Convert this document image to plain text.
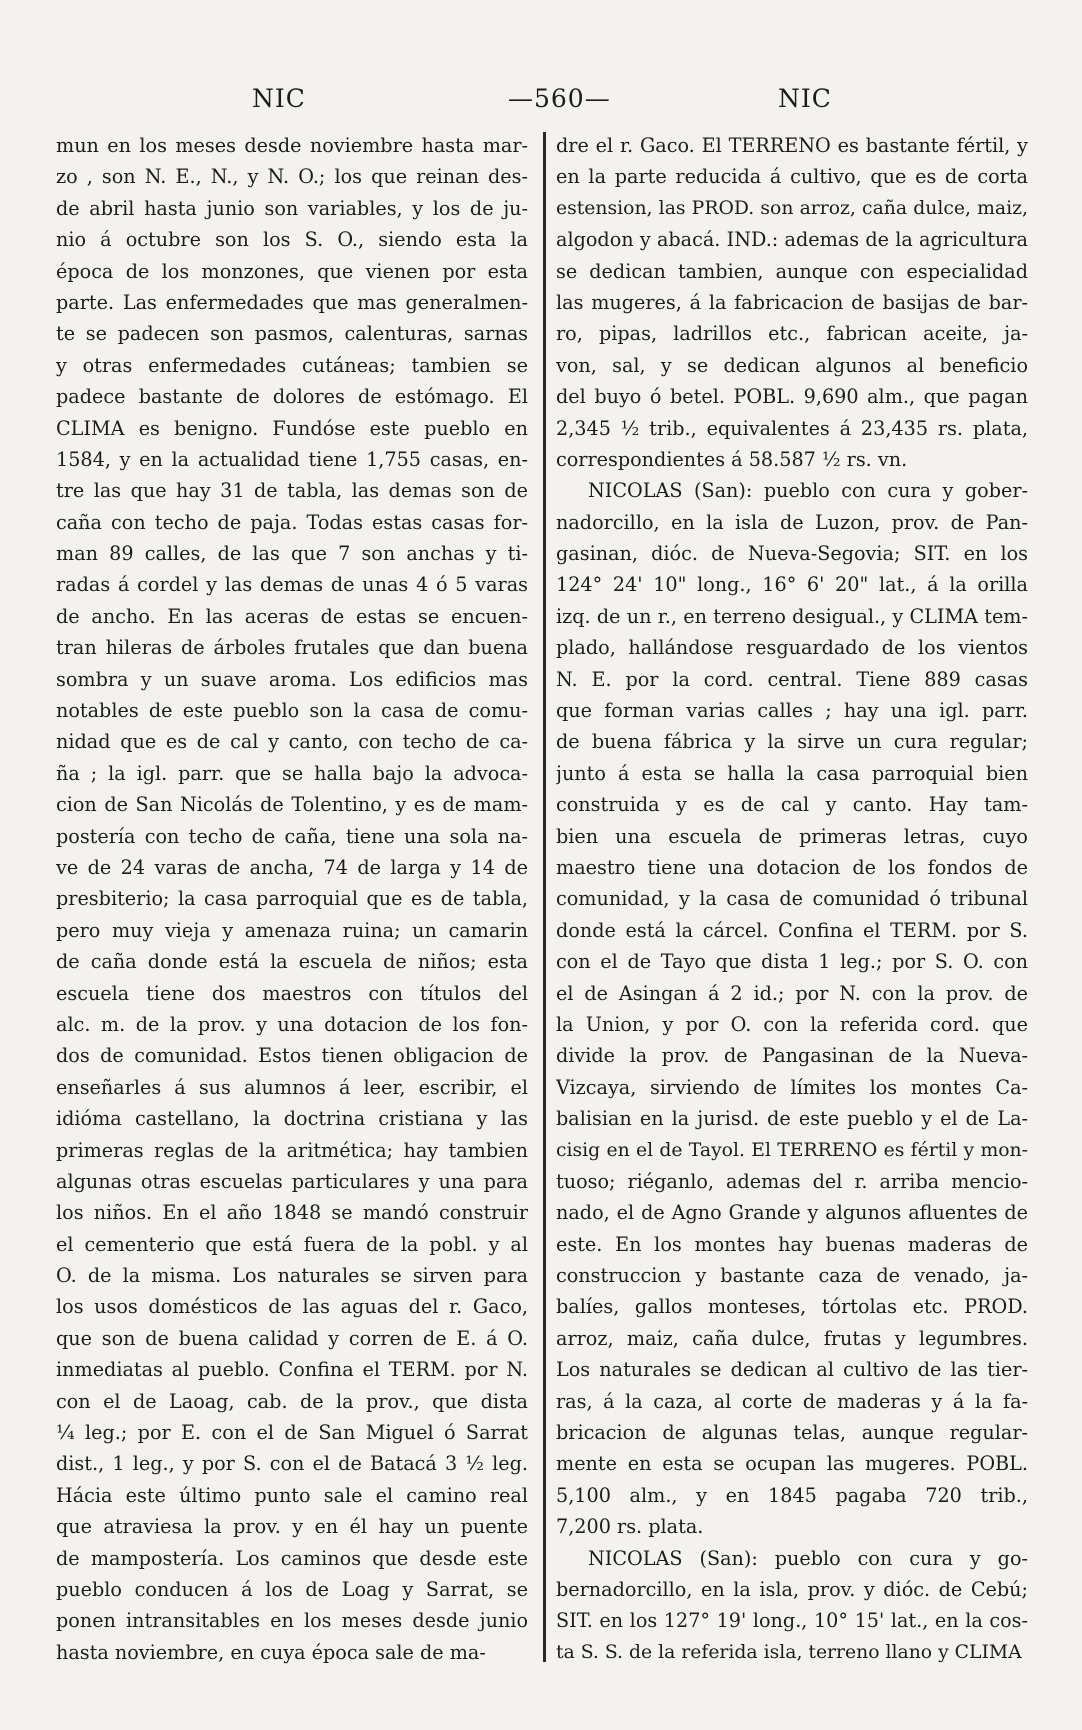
NIC	—560—	NIC
mun en los meses desde noviembre hasta mar-
zo , son N. E., N., y N. O.; los que reinan des-
de abril hasta junio son variables, y los de ju-
nio á octubre son los S. O., siendo esta la
época de los monzones, que vienen por esta
parte. Las enfermedades que mas generalmen-
te se padecen son pasmos, calenturas, sarnas
y otras enfermedades cutáneas; tambien se
padece bastante de dolores de estómago. El
CLIMA es benigno. Fundóse este pueblo en
1584, y en la actualidad tiene 1,755 casas, en-
tre las que hay 31 de tabla, las demas son de
caña con techo de paja. Todas estas casas for-
man 89 calles, de las que 7 son anchas y ti-
radas á cordel y las demas de unas 4 ó 5 varas
de ancho. En las aceras de estas se encuen-
tran hileras de árboles frutales que dan buena
sombra y un suave aroma. Los edificios mas
notables de este pueblo son la casa de comu-
nidad que es de cal y canto, con techo de ca-
ña ; la igl. parr. que se halla bajo la advoca-
cion de San Nicolás de Tolentino, y es de mam-
postería con techo de caña, tiene una sola na-
ve de 24 varas de ancha, 74 de larga y 14 de
presbiterio; la casa parroquial que es de tabla,
pero muy vieja y amenaza ruina; un camarin
de caña donde está la escuela de niños; esta
escuela tiene dos maestros con títulos del
alc. m. de la prov. y una dotacion de los fon-
dos de comunidad. Estos tienen obligacion de
enseñarles á sus alumnos á leer, escribir, el
idióma castellano, la doctrina cristiana y las
primeras reglas de la aritmética; hay tambien
algunas otras escuelas particulares y una para
los niños. En el año 1848 se mandó construir
el cementerio que está fuera de la pobl. y al
O. de la misma. Los naturales se sirven para
los usos domésticos de las aguas del r. Gaco,
que son de buena calidad y corren de E. á O.
inmediatas al pueblo. Confina el TERM. por N.
con el de Laoag, cab. de la prov., que dista
¼ leg.; por E. con el de San Miguel ó Sarrat
dist., 1 leg., y por S. con el de Batacá 3 ½ leg.
Hácia este último punto sale el camino real
que atraviesa la prov. y en él hay un puente
de mampostería. Los caminos que desde este
pueblo conducen á los de Loag y Sarrat, se
ponen intransitables en los meses desde junio
hasta noviembre, en cuya época sale de ma-
dre el r. Gaco. El TERRENO es bastante fértil, y
en la parte reducida á cultivo, que es de corta
estension, las PROD. son arroz, caña dulce, maiz,
algodon y abacá. IND.: ademas de la agricultura
se dedican tambien, aunque con especialidad
las mugeres, á la fabricacion de basijas de bar-
ro, pipas, ladrillos etc., fabrican aceite, ja-
von, sal, y se dedican algunos al beneficio
del buyo ó betel. POBL. 9,690 alm., que pagan
2,345 ½ trib., equivalentes á 23,435 rs. plata,
correspondientes á 58.587 ½ rs. vn.
NICOLAS (San): pueblo con cura y gober-
nadorcillo, en la isla de Luzon, prov. de Pan-
gasinan, dióc. de Nueva-Segovia; SIT. en los
124° 24' 10" long., 16° 6' 20" lat., á la orilla
izq. de un r., en terreno desigual., y CLIMA tem-
plado, hallándose resguardado de los vientos
N. E. por la cord. central. Tiene 889 casas
que forman varias calles ; hay una igl. parr.
de buena fábrica y la sirve un cura regular;
junto á esta se halla la casa parroquial bien
construida y es de cal y canto. Hay tam-
bien una escuela de primeras letras, cuyo
maestro tiene una dotacion de los fondos de
comunidad, y la casa de comunidad ó tribunal
donde está la cárcel. Confina el TERM. por S.
con el de Tayo que dista 1 leg.; por S. O. con
el de Asingan á 2 id.; por N. con la prov. de
la Union, y por O. con la referida cord. que
divide la prov. de Pangasinan de la Nueva-
Vizcaya, sirviendo de límites los montes Ca-
balisian en la jurisd. de este pueblo y el de La-
cisig en el de Tayol. El TERRENO es fértil y mon-
tuoso; riéganlo, ademas del r. arriba mencio-
nado, el de Agno Grande y algunos afluentes de
este. En los montes hay buenas maderas de
construccion y bastante caza de venado, ja-
balíes, gallos monteses, tórtolas etc. PROD.
arroz, maiz, caña dulce, frutas y legumbres.
Los naturales se dedican al cultivo de las tier-
ras, á la caza, al corte de maderas y á la fa-
bricacion de algunas telas, aunque regular-
mente en esta se ocupan las mugeres. POBL.
5,100 alm., y en 1845 pagaba 720 trib.,
7,200 rs. plata.
NICOLAS (San): pueblo con cura y go-
bernadorcillo, en la isla, prov. y dióc. de Cebú;
SIT. en los 127° 19' long., 10° 15' lat., en la cos-
ta S. S. de la referida isla, terreno llano y CLIMA
